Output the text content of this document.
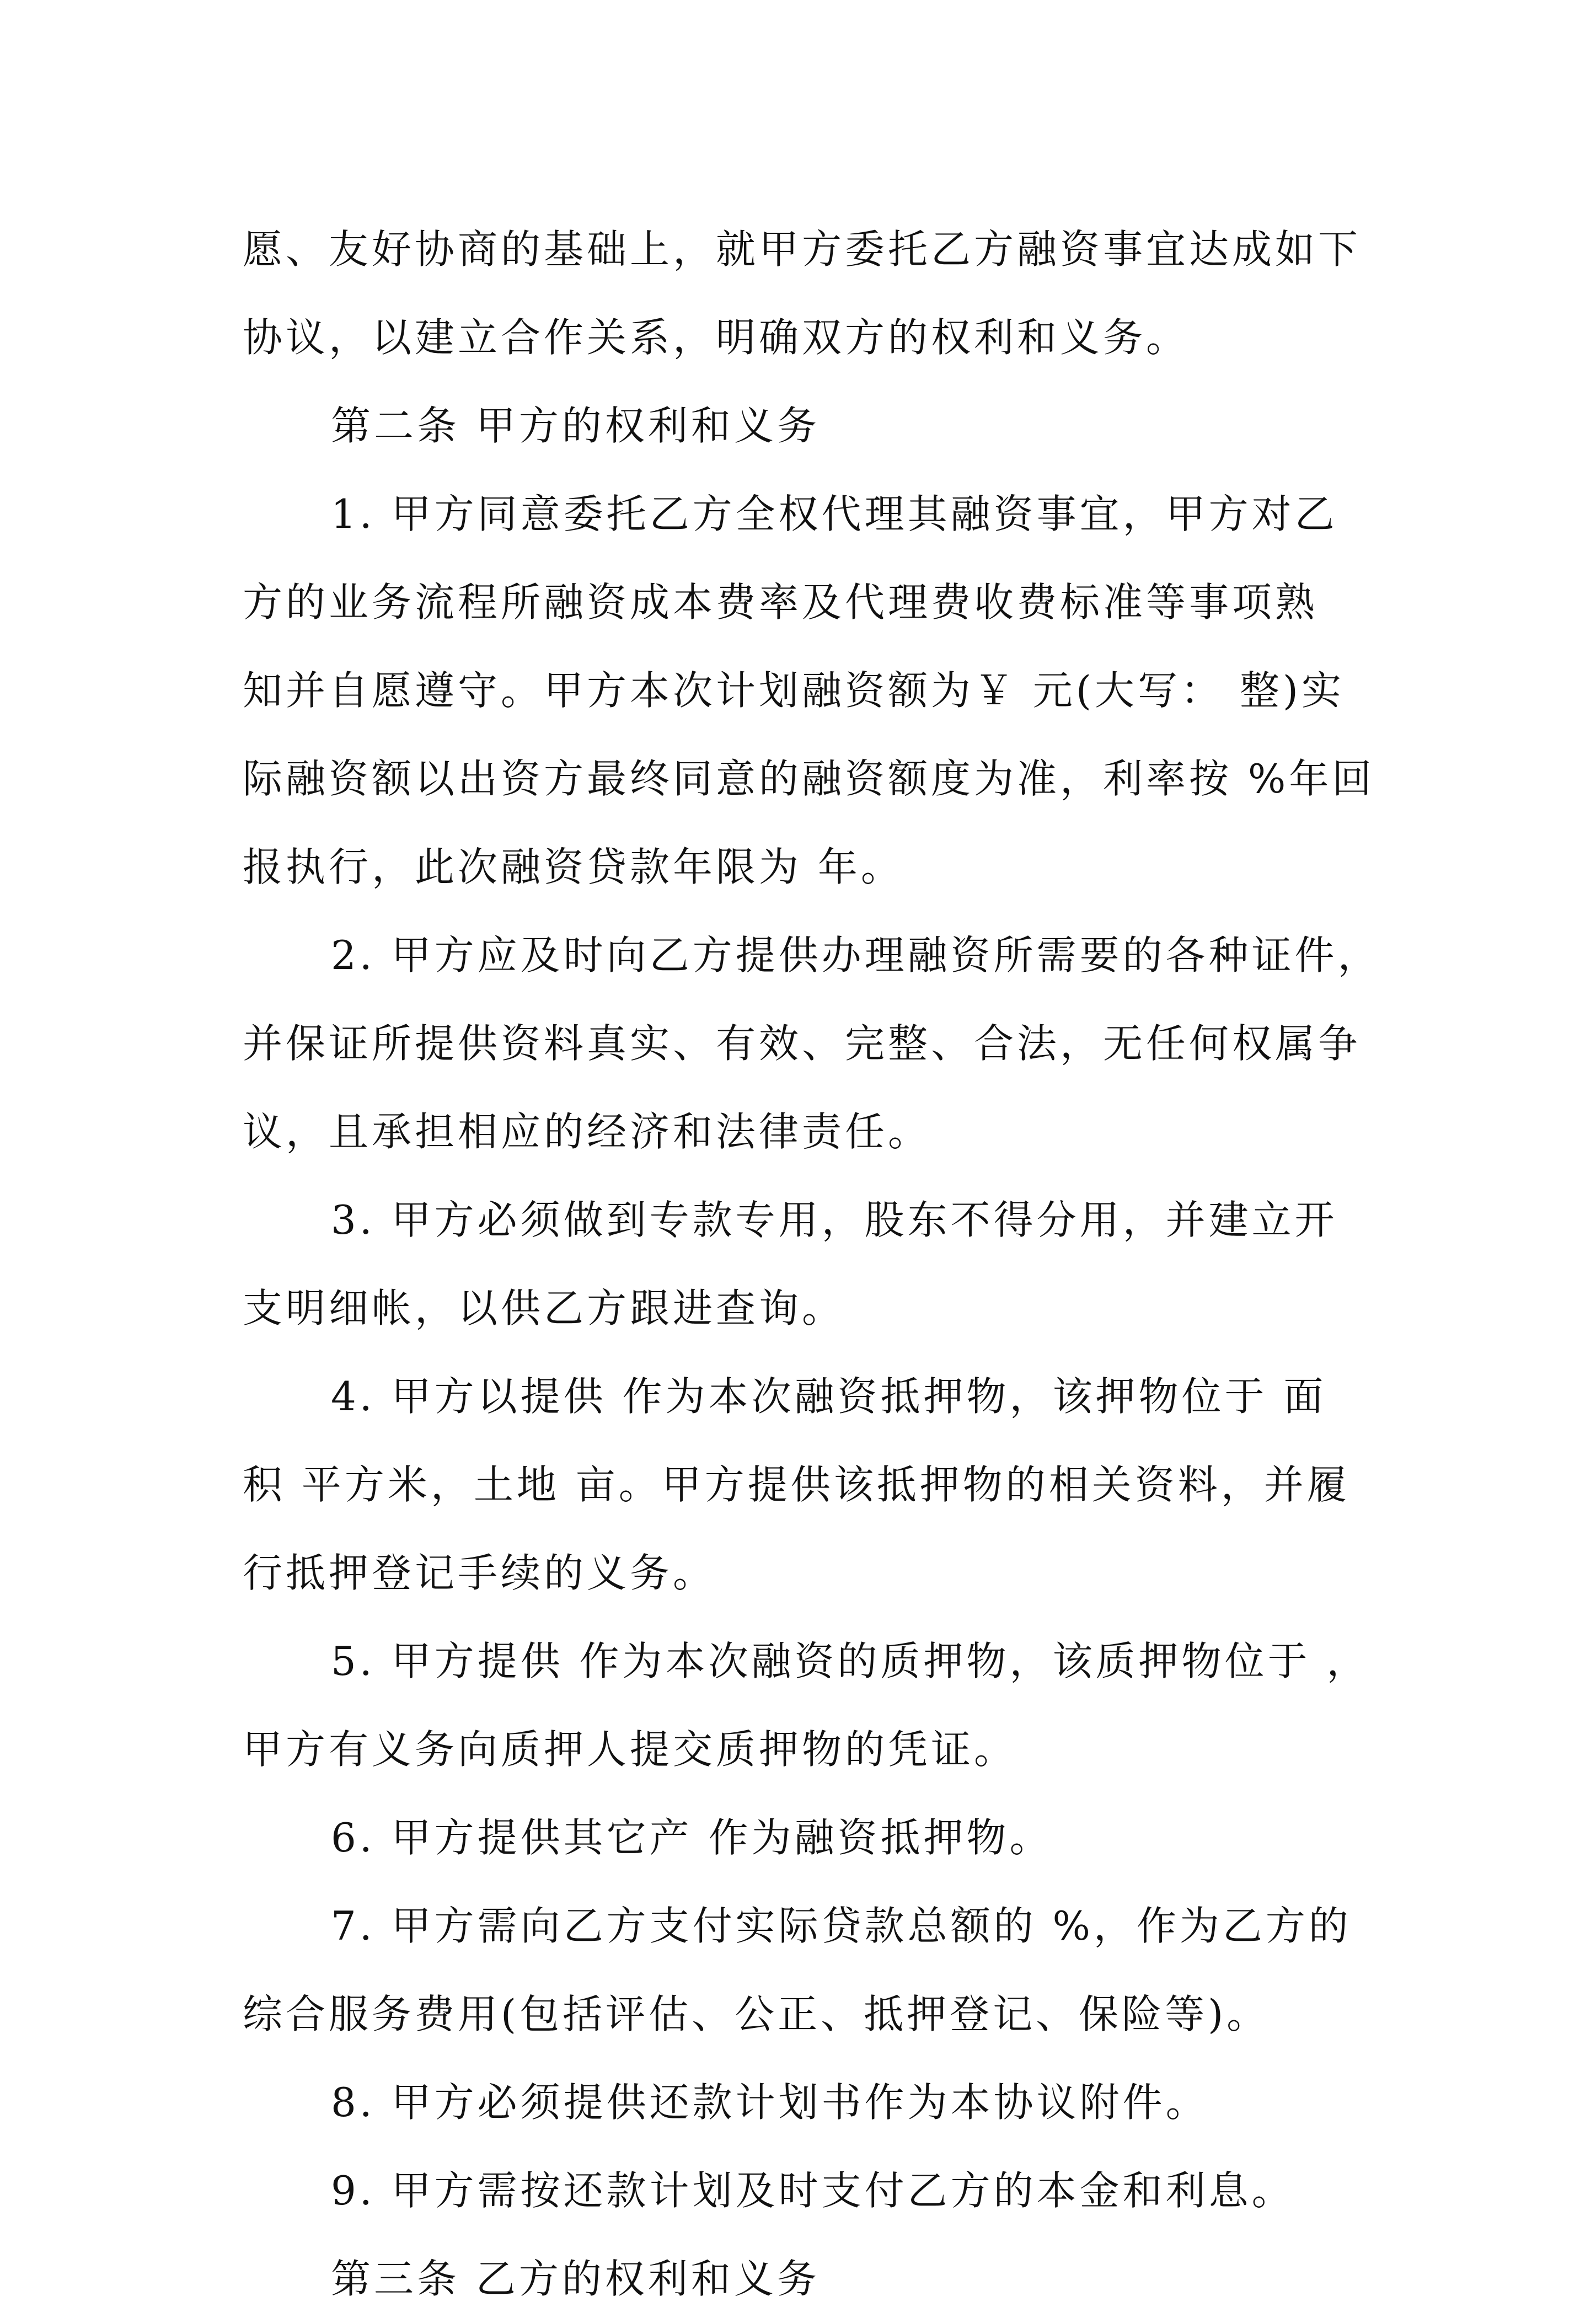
愿、友好协商的基础上，就甲方委托乙方融资事宜达成如下
协议，以建立合作关系，明确双方的权利和义务。
第二条 甲方的权利和义务
1. 甲方同意委托乙方全权代理其融资事宜，甲方对乙
方的业务流程所融资成本费率及代理费收费标准等事项熟
知并自愿遵守。甲方本次计划融资额为￥ 元(大写： 整)实
际融资额以出资方最终同意的融资额度为准，利率按 %年回
报执行，此次融资贷款年限为 年。
2. 甲方应及时向乙方提供办理融资所需要的各种证件，
并保证所提供资料真实、有效、完整、合法，无任何权属争
议，且承担相应的经济和法律责任。
3. 甲方必须做到专款专用，股东不得分用，并建立开
支明细帐，以供乙方跟进查询。
4. 甲方以提供 作为本次融资抵押物，该押物位于 面
积 平方米，土地 亩。甲方提供该抵押物的相关资料，并履
行抵押登记手续的义务。
5. 甲方提供 作为本次融资的质押物，该质押物位于 ，
甲方有义务向质押人提交质押物的凭证。
6. 甲方提供其它产 作为融资抵押物。
7. 甲方需向乙方支付实际贷款总额的 %，作为乙方的
综合服务费用(包括评估、公正、抵押登记、保险等)。
8. 甲方必须提供还款计划书作为本协议附件。
9. 甲方需按还款计划及时支付乙方的本金和利息。
第三条 乙方的权利和义务
